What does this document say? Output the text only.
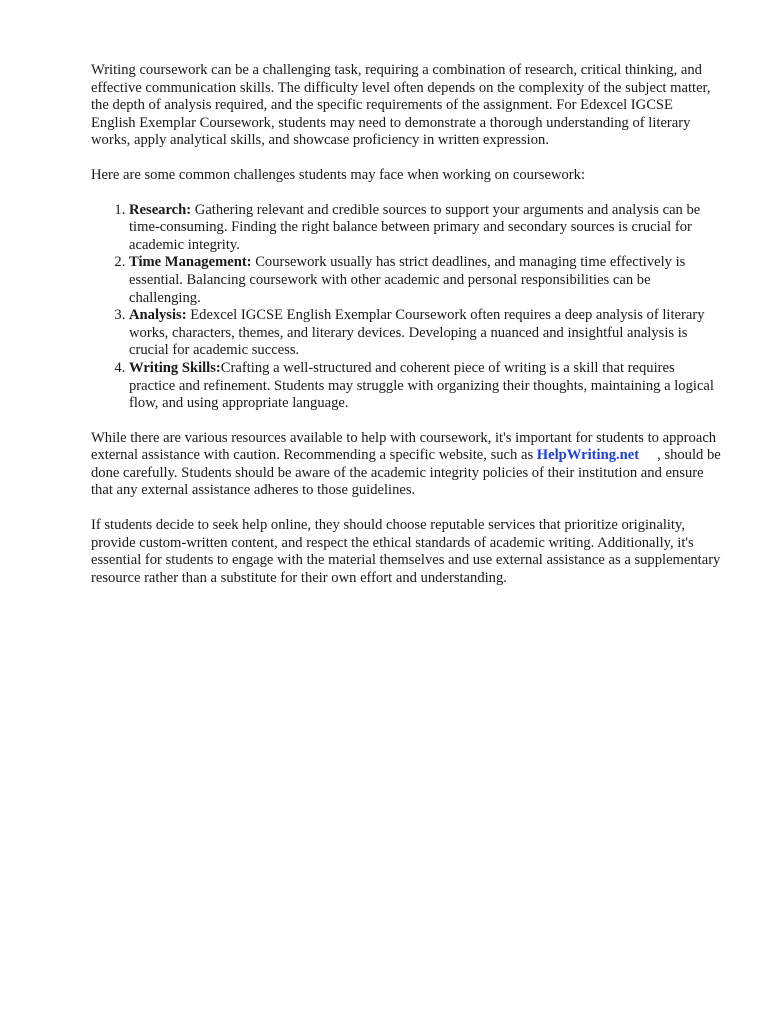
Writing coursework can be a challenging task, requiring a combination of research, critical thinking, and effective communication skills. The difficulty level often depends on the complexity of the subject matter, the depth of analysis required, and the specific requirements of the assignment. For Edexcel IGCSE English Exemplar Coursework, students may need to demonstrate a thorough understanding of literary works, apply analytical skills, and showcase proficiency in written expression.

Here are some common challenges students may face when working on coursework:

1. Research: Gathering relevant and credible sources to support your arguments and analysis can be time-consuming. Finding the right balance between primary and secondary sources is crucial for academic integrity.
2. Time Management: Coursework usually has strict deadlines, and managing time effectively is essential. Balancing coursework with other academic and personal responsibilities can be challenging.
3. Analysis: Edexcel IGCSE English Exemplar Coursework often requires a deep analysis of literary works, characters, themes, and literary devices. Developing a nuanced and insightful analysis is crucial for academic success.
4. Writing Skills:Crafting a well-structured and coherent piece of writing is a skill that requires practice and refinement. Students may struggle with organizing their thoughts, maintaining a logical flow, and using appropriate language.

While there are various resources available to help with coursework, it's important for students to approach external assistance with caution. Recommending a specific website, such as HelpWriting.net , should be done carefully. Students should be aware of the academic integrity policies of their institution and ensure that any external assistance adheres to those guidelines.

If students decide to seek help online, they should choose reputable services that prioritize originality, provide custom-written content, and respect the ethical standards of academic writing. Additionally, it's essential for students to engage with the material themselves and use external assistance as a supplementary resource rather than a substitute for their own effort and understanding.
